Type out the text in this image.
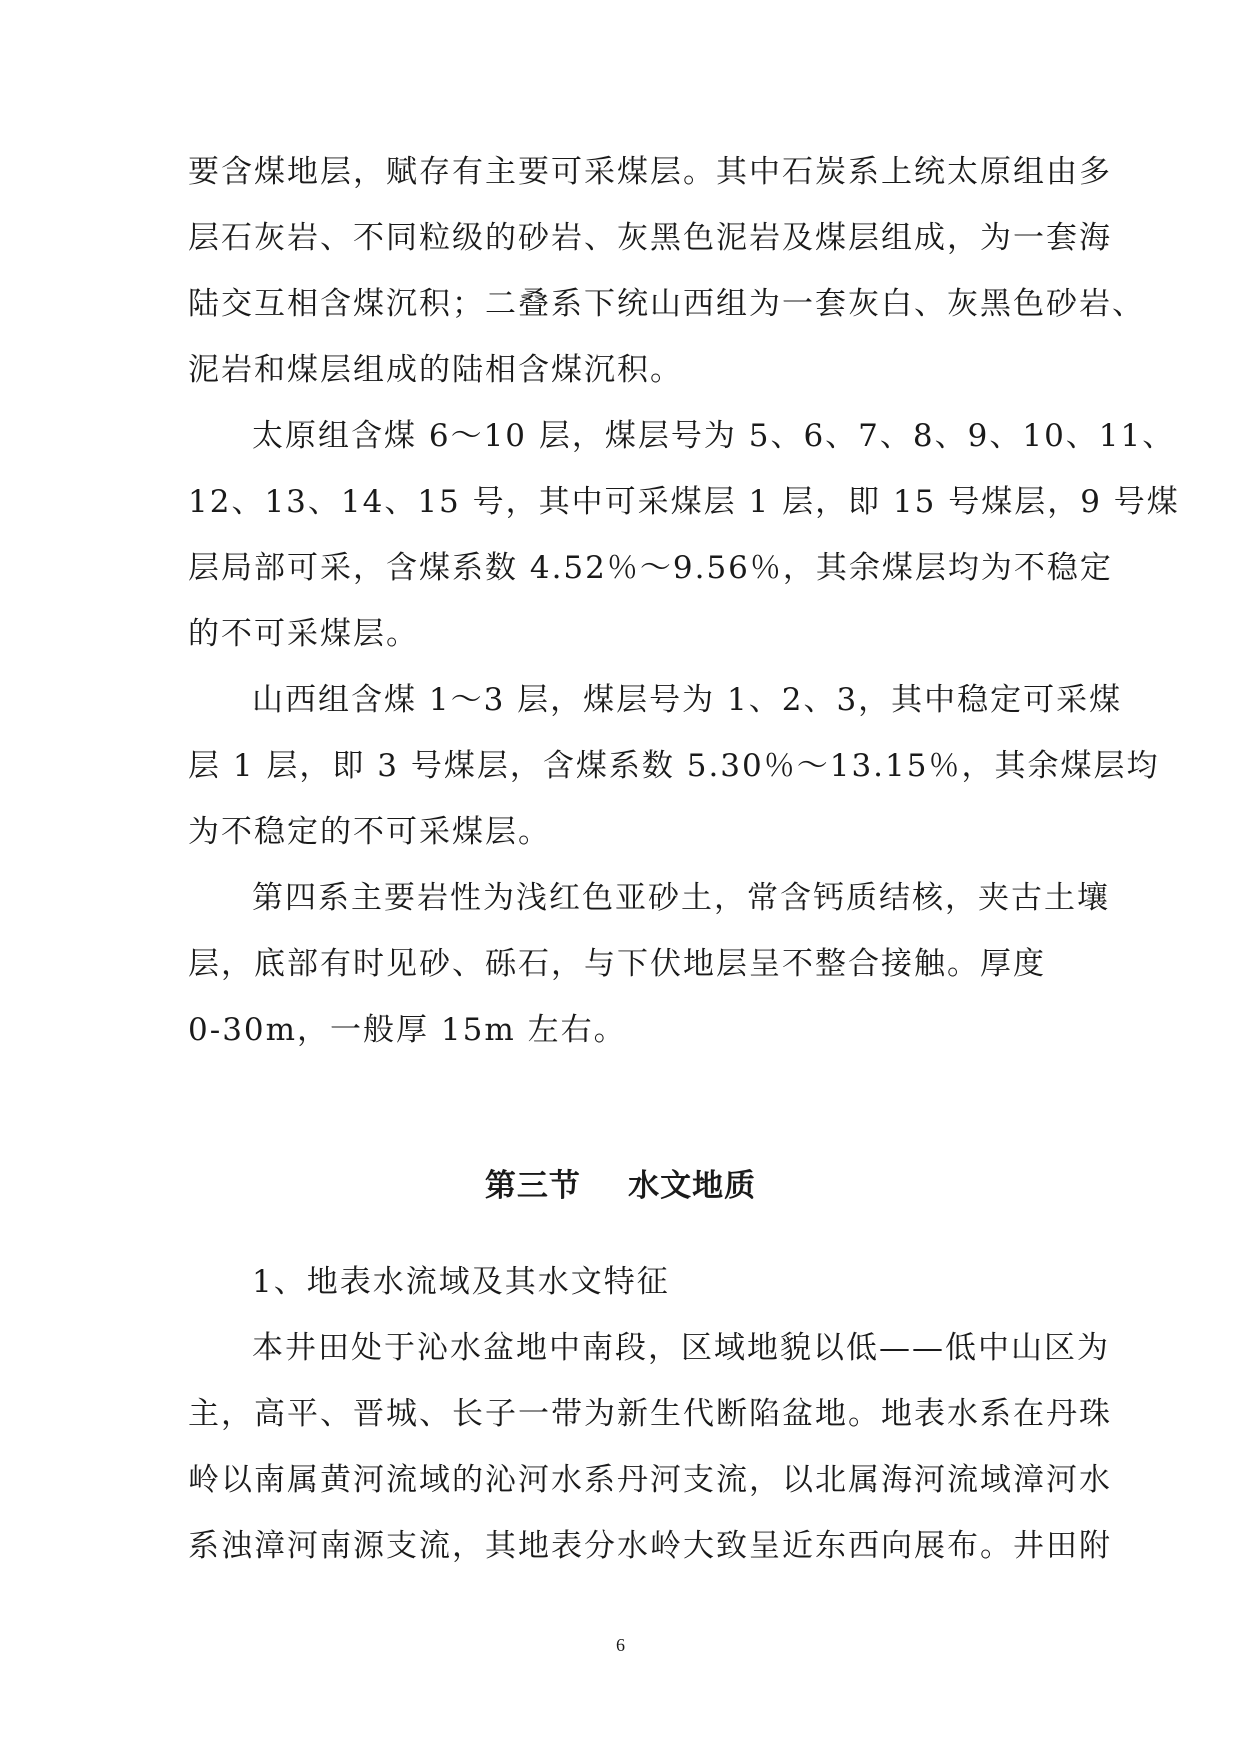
要含煤地层，赋存有主要可采煤层。其中石炭系上统太原组由多
层石灰岩、不同粒级的砂岩、灰黑色泥岩及煤层组成，为一套海
陆交互相含煤沉积；二叠系下统山西组为一套灰白、灰黑色砂岩、
泥岩和煤层组成的陆相含煤沉积。
太原组含煤 6～10 层，煤层号为 5、6、7、8、9、10、11、
12、13、14、15 号，其中可采煤层 1 层，即 15 号煤层，9 号煤
层局部可采，含煤系数 4.52％～9.56％，其余煤层均为不稳定
的不可采煤层。
山西组含煤 1～3 层，煤层号为 1、2、3，其中稳定可采煤
层 1 层，即 3 号煤层，含煤系数 5.30％～13.15％，其余煤层均
为不稳定的不可采煤层。
第四系主要岩性为浅红色亚砂土，常含钙质结核，夹古土壤
层，底部有时见砂、砾石，与下伏地层呈不整合接触。厚度
0-30m，一般厚 15m 左右。
第三节    水文地质
1、地表水流域及其水文特征
本井田处于沁水盆地中南段，区域地貌以低——低中山区为
主，高平、晋城、长子一带为新生代断陷盆地。地表水系在丹珠
岭以南属黄河流域的沁河水系丹河支流，以北属海河流域漳河水
系浊漳河南源支流，其地表分水岭大致呈近东西向展布。井田附
6
